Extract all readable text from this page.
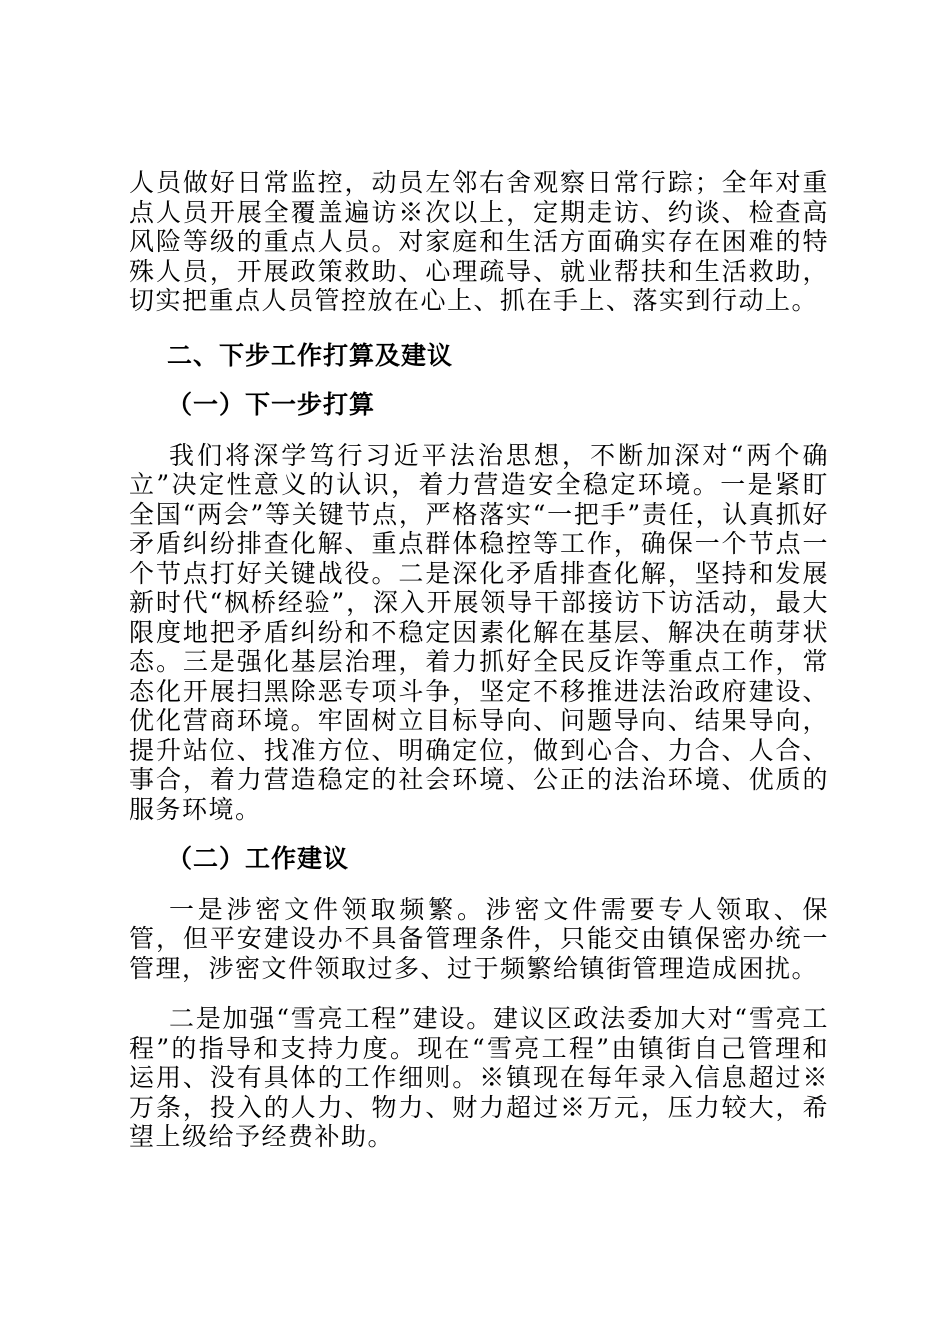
人员做好日常监控，动员左邻右舍观察日常行踪；全年对重点人员开展全覆盖遍访※次以上，定期走访、约谈、检查高风险等级的重点人员。对家庭和生活方面确实存在困难的特殊人员，开展政策救助、心理疏导、就业帮扶和生活救助，切实把重点人员管控放在心上、抓在手上、落实到行动上。

二、下步工作打算及建议
（一）下一步打算

我们将深学笃行习近平法治思想，不断加深对“两个确立”决定性意义的认识，着力营造安全稳定环境。一是紧盯全国“两会”等关键节点，严格落实“一把手”责任，认真抓好矛盾纠纷排查化解、重点群体稳控等工作，确保一个节点一个节点打好关键战役。二是深化矛盾排查化解，坚持和发展新时代“枫桥经验”，深入开展领导干部接访下访活动，最大限度地把矛盾纠纷和不稳定因素化解在基层、解决在萌芽状态。三是强化基层治理，着力抓好全民反诈等重点工作，常态化开展扫黑除恶专项斗争，坚定不移推进法治政府建设、优化营商环境。牢固树立目标导向、问题导向、结果导向，提升站位、找准方位、明确定位，做到心合、力合、人合、事合，着力营造稳定的社会环境、公正的法治环境、优质的服务环境。

（二）工作建议

一是涉密文件领取频繁。涉密文件需要专人领取、保管，但平安建设办不具备管理条件，只能交由镇保密办统一管理，涉密文件领取过多、过于频繁给镇街管理造成困扰。

二是加强“雪亮工程”建设。建议区政法委加大对“雪亮工程”的指导和支持力度。现在“雪亮工程”由镇街自己管理和运用、没有具体的工作细则。※镇现在每年录入信息超过※万条，投入的人力、物力、财力超过※万元，压力较大，希望上级给予经费补助。
